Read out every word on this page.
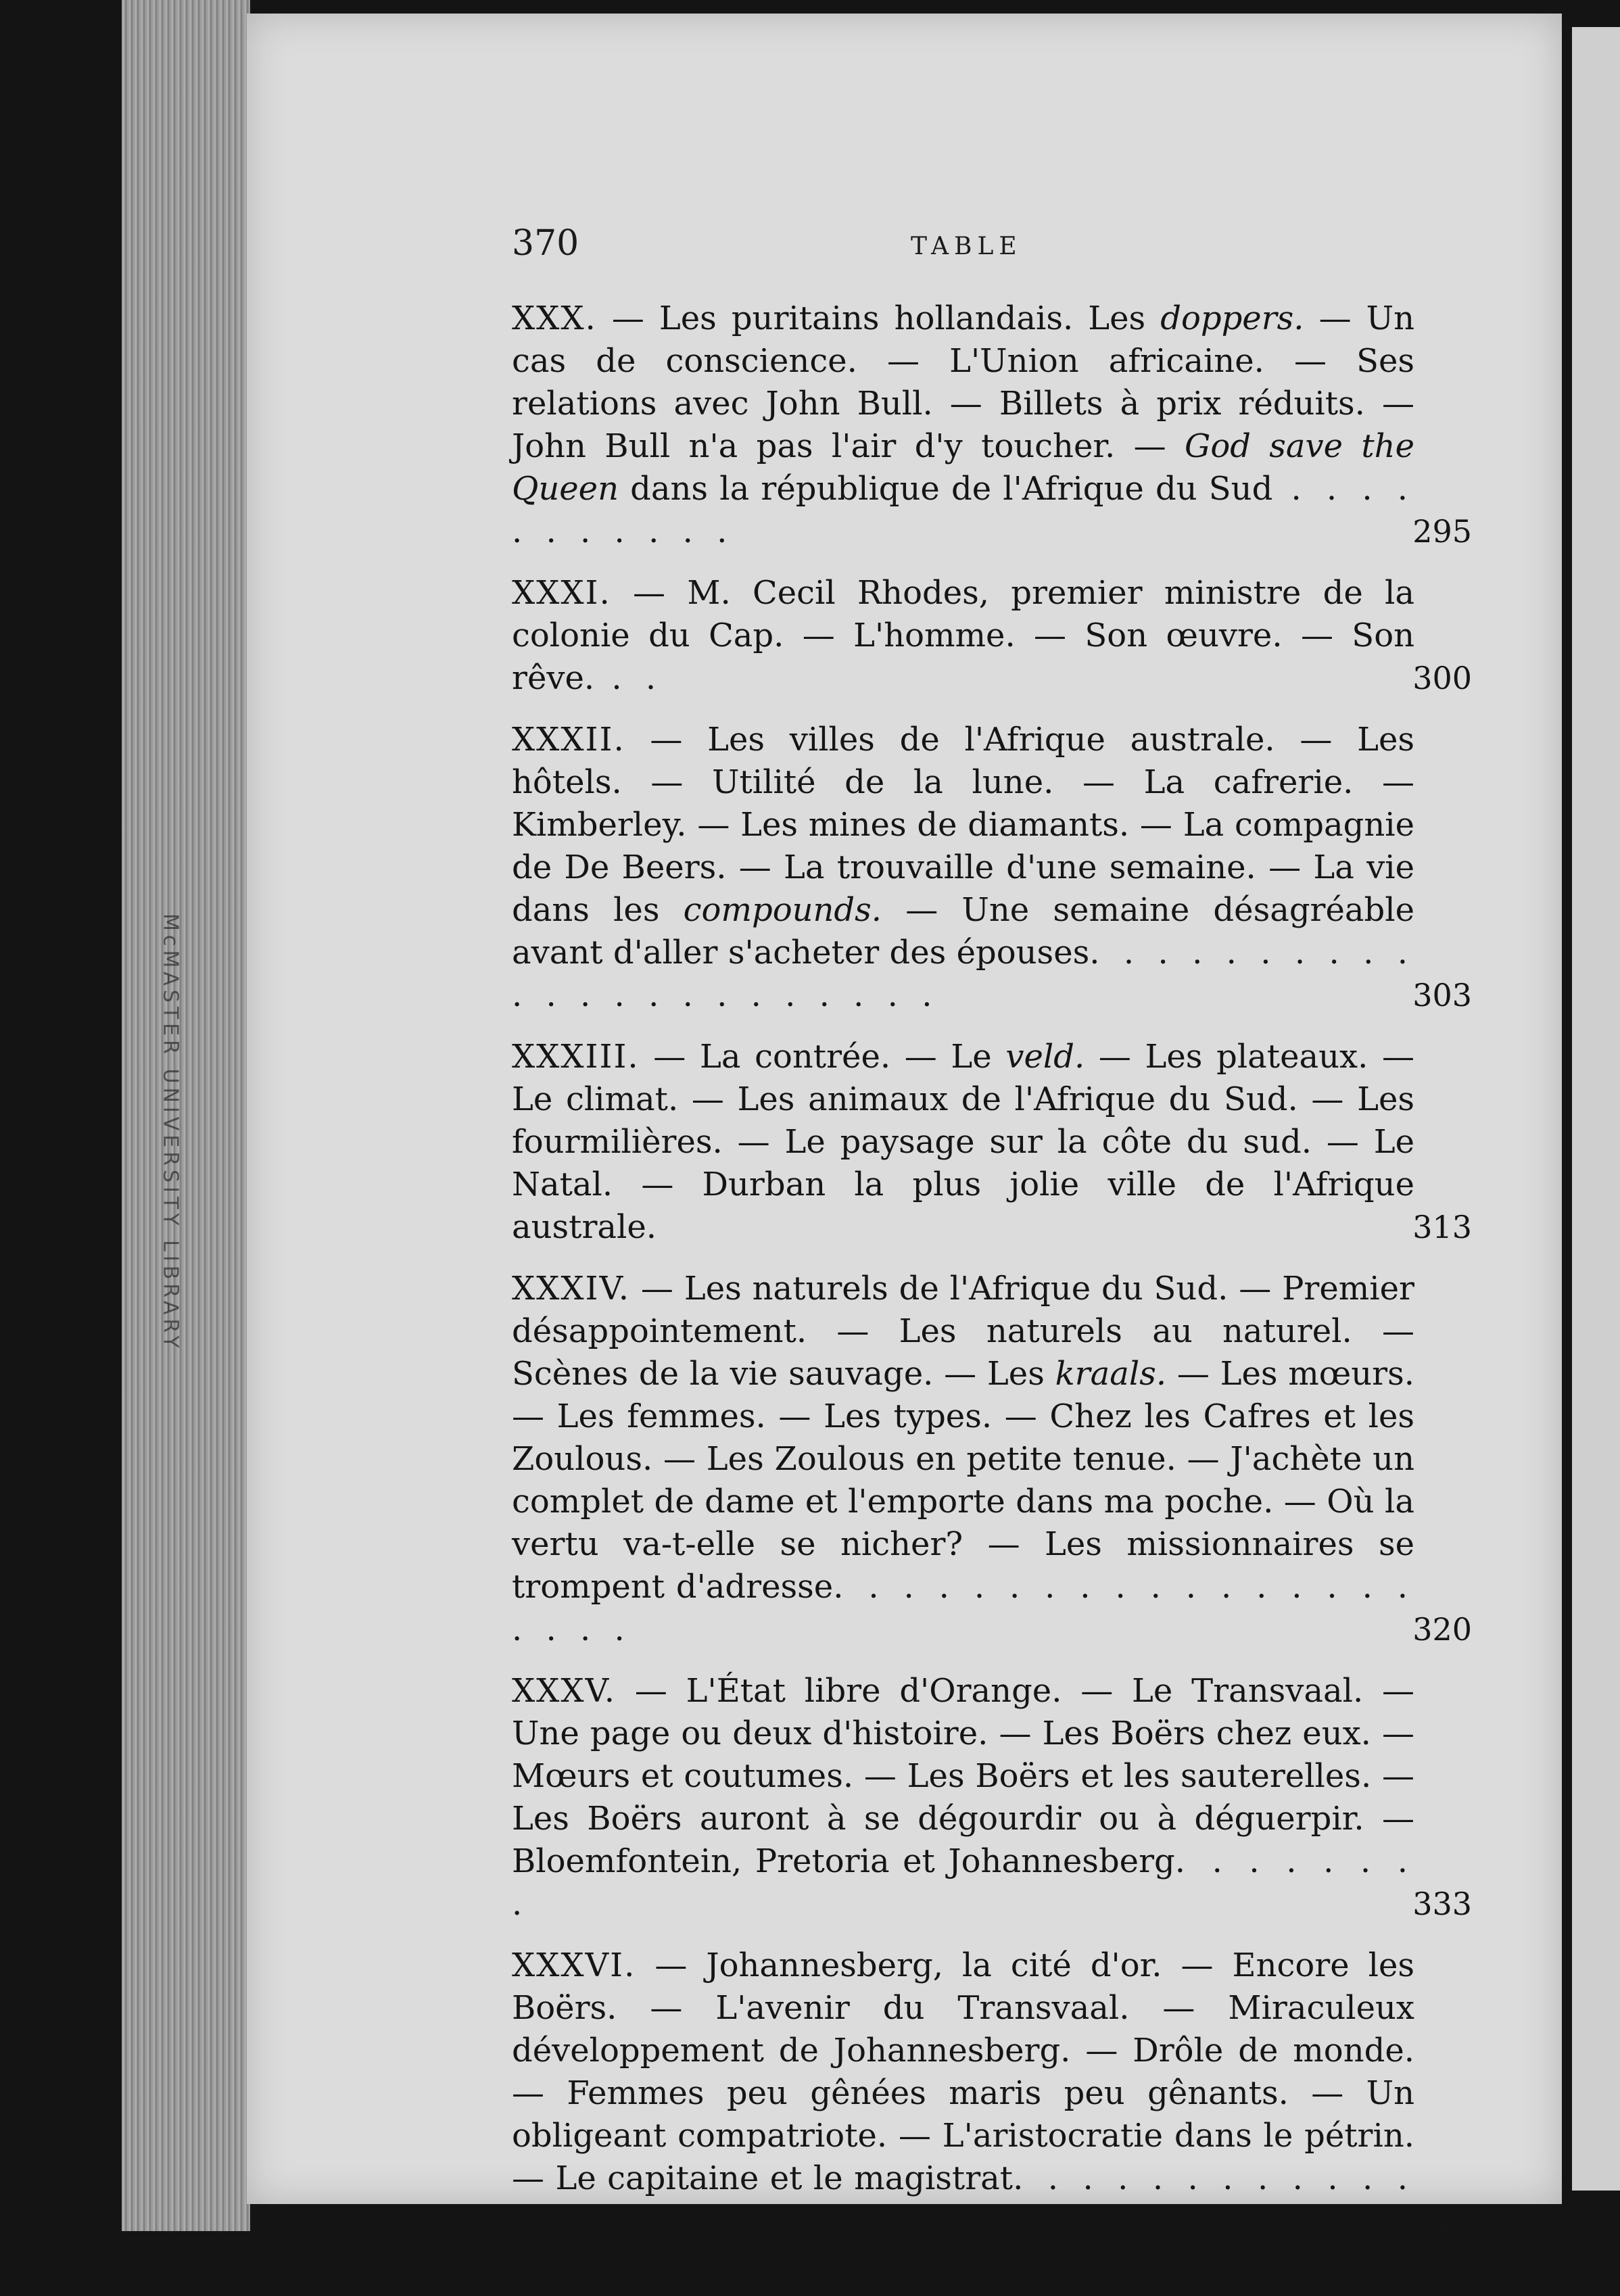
McMASTER UNIVERSITY LIBRARY
370	TABLE
XXX. — Les puritains hollandais. Les doppers. — Un cas de conscience. — L'Union africaine. — Ses relations avec John Bull. — Billets à prix réduits. — John Bull n'a pas l'air d'y toucher. — God save the Queen dans la république de l'Afrique du Sud . . . . . . . . . . .	295
XXXI. — M. Cecil Rhodes, premier ministre de la colonie du Cap. — L'homme. — Son œuvre. — Son rêve. . .	300
XXXII. — Les villes de l'Afrique australe. — Les hôtels. — Utilité de la lune. — La cafrerie. — Kimberley. — Les mines de diamants. — La compagnie de De Beers. — La trouvaille d'une semaine. — La vie dans les compounds. — Une semaine désagréable avant d'aller s'acheter des épouses. . . . . . . . . . . . . . . . . . . . . . .	303
XXXIII. — La contrée. — Le veld. — Les plateaux. — Le climat. — Les animaux de l'Afrique du Sud. — Les fourmilières. — Le paysage sur la côte du sud. — Le Natal. — Durban la plus jolie ville de l'Afrique australe.	313
XXXIV. — Les naturels de l'Afrique du Sud. — Premier désappointement. — Les naturels au naturel. — Scènes de la vie sauvage. — Les kraals. — Les mœurs. — Les femmes. — Les types. — Chez les Cafres et les Zoulous. — Les Zoulous en petite tenue. — J'achète un complet de dame et l'emporte dans ma poche. — Où la vertu va-t-elle se nicher? — Les missionnaires se trompent d'adresse. . . . . . . . . . . . . . . . . . . . .	320
XXXV. — L'État libre d'Orange. — Le Transvaal. — Une page ou deux d'histoire. — Les Boërs chez eux. — Mœurs et coutumes. — Les Boërs et les sauterelles. — Les Boërs auront à se dégourdir ou à déguerpir. — Bloemfontein, Pretoria et Johannesberg. . . . . . . .	333
XXXVI. — Johannesberg, la cité d'or. — Encore les Boërs. — L'avenir du Transvaal. — Miraculeux développement de Johannesberg. — Drôle de monde. — Femmes peu gênées maris peu gênants. — Un obligeant compatriote. — L'aristocratie dans le pétrin. — Le capitaine et le magistrat. . . . . . . . . . . . . . . . . . . . .	341
